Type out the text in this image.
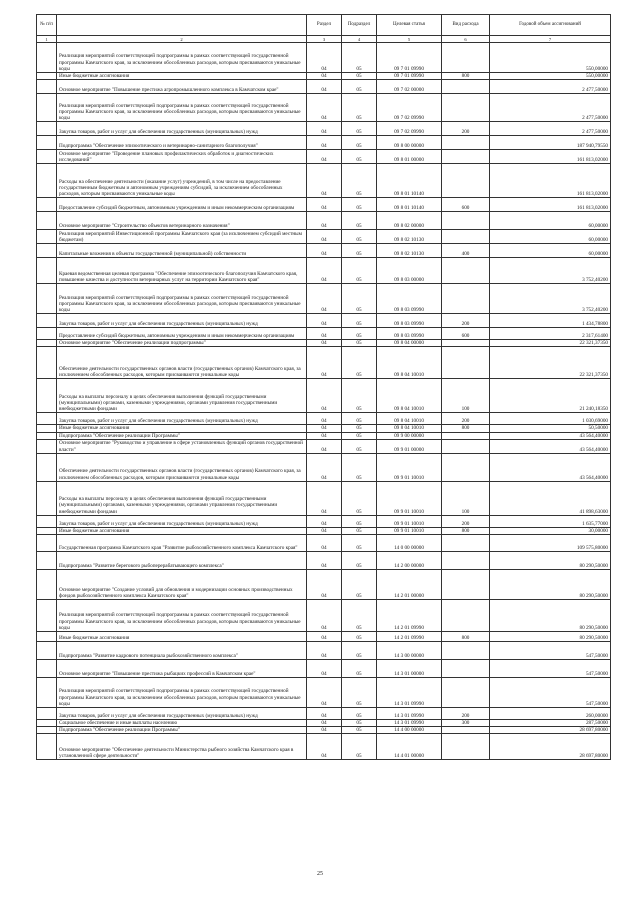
№ п/п		Раздел	Подраздел	Целевая статья	Вид расхода	Годовой объем ассигнований
1	2	3	4	5	6	7
	Реализация мероприятий соответствующей подпрограммы в рамках соответствующей государственной программы Камчатского края, за исключением обособленных расходов, которым присваиваются уникальные коды	04	05	09 7 01 09990		550,00000
	Иные бюджетные ассигнования	04	05	09 7 01 09990	800	550,00000
	Основное мероприятие "Повышение престижа агропромышленного комплекса в Камчатском крае"	04	05	09 7 02 00000		2 477,50000
	Реализация мероприятий соответствующей подпрограммы в рамках соответствующей государственной программы Камчатского края, за исключением обособленных расходов, которым присваиваются уникальные коды	04	05	09 7 02 09990		2 477,50000
	Закупка товаров, работ и услуг для обеспечения государственных (муниципальных) нужд	04	05	09 7 02 09990	200	2 477,50000
	Подпрограмма "Обеспечение эпизоотического и ветеринарно-санитарного благополучия"	04	05	09 8 00 00000		187 940,79550
	Основное мероприятие "Проведение плановых профилактических обработок и диагностических исследований"	04	05	09 8 01 00000		161 813,02000
	Расходы на обеспечение деятельности (оказание услуг) учреждений, в том числе на предоставление государственным бюджетным и автономным учреждениям субсидий, за исключением обособленных расходов, которым присваиваются уникальные коды	04	05	09 8 01 10140		161 813,02000
	Предоставление субсидий бюджетным, автономным учреждениям и иным некоммерческим организациям	04	05	09 8 01 10140	600	161 813,02000
	Основное мероприятие "Строительство объектов ветеринарного назначения"	04	05	09 8 02 00000		60,00000
	Реализация мероприятий Инвестиционной программы Камчатского края (за исключением субсидий местным бюджетам)	04	05	09 8 02 10130		60,00000
	Капитальные вложения в объекты государственной (муниципальной) собственности	04	05	09 8 02 10130	400	60,00000
	Краевая ведомственная целевая программа "Обеспечение эпизоотического благополучия Камчатского края, повышение качества и доступности ветеринарных услуг на территории Камчатского края"	04	05	09 8 03 00000		3 752,40200
	Реализация мероприятий соответствующей подпрограммы в рамках соответствующей государственной программы Камчатского края, за исключением обособленных расходов, которым присваиваются уникальные коды	04	05	09 8 03 09990		3 752,40200
	Закупка товаров, работ и услуг для обеспечения государственных (муниципальных) нужд	04	05	09 8 03 09990	200	1 434,78800
	Предоставление субсидий бюджетным, автономным учреждениям и иным некоммерческим организациям	04	05	09 8 03 09990	600	2 317,61400
	Основное мероприятие "Обеспечение реализации подпрограммы"	04	05	09 8 04 00000		22 321,37350
	Обеспечение деятельности государственных органов власти (государственных органов) Камчатского края, за исключением обособленных расходов, которым присваиваются уникальные коды	04	05	09 8 04 10010		22 321,37350
	Расходы на выплаты персоналу в целях обеспечения выполнения функций государственными (муниципальными) органами, казенными учреждениями, органами управления государственными внебюджетными фондами	04	05	09 8 04 10010	100	21 240,18350
	Закупка товаров, работ и услуг для обеспечения государственных (муниципальных) нужд	04	05	09 8 04 10010	200	1 030,69000
	Иные бюджетные ассигнования	04	05	09 8 04 10010	800	50,50000
	Подпрограмма "Обеспечение реализации Программы"	04	05	09 9 00 00000		43 564,40000
	Основное мероприятие "Руководство и управление в сфере установленных функций органов государственной власти"	04	05	09 9 01 00000		43 564,40000
	Обеспечение деятельности государственных органов власти (государственных органов) Камчатского края, за исключением обособленных расходов, которым присваиваются уникальные коды	04	05	09 9 01 10010		43 564,40000
	Расходы на выплаты персоналу в целях обеспечения выполнения функций государственными (муниципальными) органами, казенными учреждениями, органами управления государственными внебюджетными фондами	04	05	09 9 01 10010	100	41 898,63000
	Закупка товаров, работ и услуг для обеспечения государственных (муниципальных) нужд	04	05	09 9 01 10010	200	1 635,77000
	Иные бюджетные ассигнования	04	05	09 9 01 10010	800	30,00000
	Государственная программа Камчатского края "Развитие рыбохозяйственного комплекса Камчатского края"	04	05	14 0 00 00000		109 575,80000
	Подпрограмма "Развитие берегового рыбоперерабатывающего комплекса"	04	05	14 2 00 00000		80 290,50000
	Основное мероприятие "Создание условий для обновления и модернизации основных производственных фондов рыбохозяйственного комплекса Камчатского края"	04	05	14 2 01 00000		80 290,50000
	Реализация мероприятий соответствующей подпрограммы в рамках соответствующей государственной программы Камчатского края, за исключением обособленных расходов, которым присваиваются уникальные коды	04	05	14 2 01 09990		80 290,50000
	Иные бюджетные ассигнования	04	05	14 2 01 09990	800	80 290,50000
	Подпрограмма "Развитие кадрового потенциала рыбохозяйственного комплекса"	04	05	14 3 00 00000		547,50000
	Основное мероприятие "Повышение престижа рыбацких профессий в Камчатском крае"	04	05	14 3 01 00000		547,50000
	Реализация мероприятий соответствующей подпрограммы в рамках соответствующей государственной программы Камчатского края, за исключением обособленных расходов, которым присваиваются уникальные коды	04	05	14 3 01 09990		547,50000
	Закупка товаров, работ и услуг для обеспечения государственных (муниципальных) нужд	04	05	14 3 01 09990	200	260,00000
	Социальное обеспечение и иные выплаты населению	04	05	14 3 01 09990	300	287,50000
	Подпрограмма "Обеспечение реализации Программы"	04	05	14 4 00 00000		28 697,80000
	Основное мероприятие "Обеспечение деятельности Министерства рыбного хозяйства Камчатского края в установленной сфере деятельности"	04	05	14 4 01 00000		28 697,80000
25
